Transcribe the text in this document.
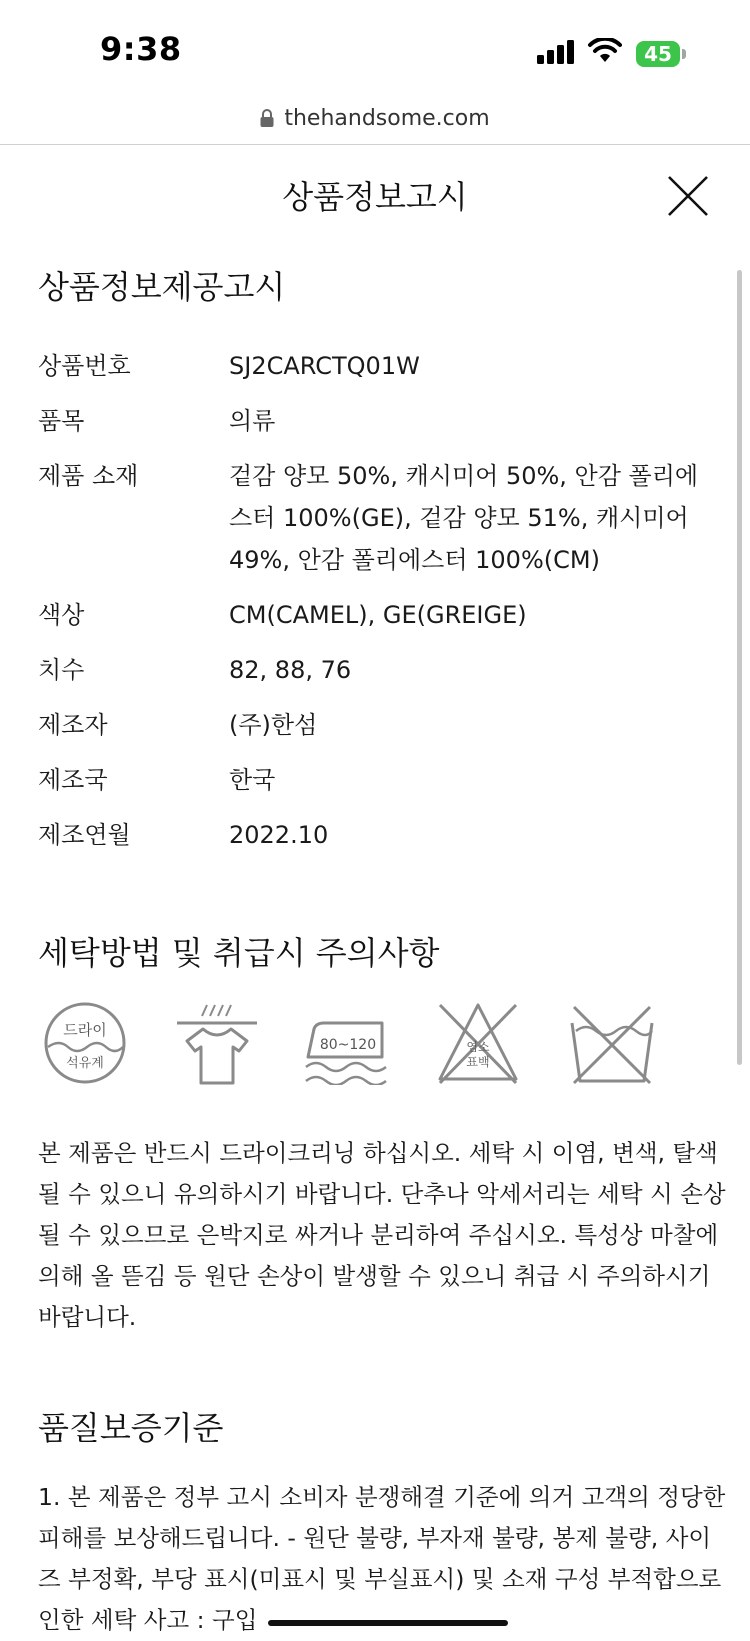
9:38	45
thehandsome.com
상품정보고시
상품정보제공고시
상품번호	SJ2CARCTQ01W
품목	의류
제품 소재	겉감 양모 50%, 캐시미어 50%, 안감 폴리에스터 100%(GE), 겉감 양모 51%, 캐시미어 49%, 안감 폴리에스터 100%(CM)
색상	CM(CAMEL), GE(GREIGE)
치수	82, 88, 76
제조자	(주)한섬
제조국	한국
제조연월	2022.10
세탁방법 및 취급시 주의사항
드라이
석유계
80~120	염소
표백
본 제품은 반드시 드라이크리닝 하십시오. 세탁 시 이염, 변색, 탈색될 수 있으니 유의하시기 바랍니다. 단추나 악세서리는 세탁 시 손상될 수 있으므로 은박지로 싸거나 분리하여 주십시오. 특성상 마찰에 의해 올 뜯김 등 원단 손상이 발생할 수 있으니 취급 시 주의하시기 바랍니다.
품질보증기준
1. 본 제품은 정부 고시 소비자 분쟁해결 기준에 의거 고객의 정당한 피해를 보상해드립니다. - 원단 불량, 부자재 불량, 봉제 불량, 사이즈 부정확, 부당 표시(미표시 및 부실표시) 및 소재 구성 부적합으로 인한 세탁 사고 : 구입
